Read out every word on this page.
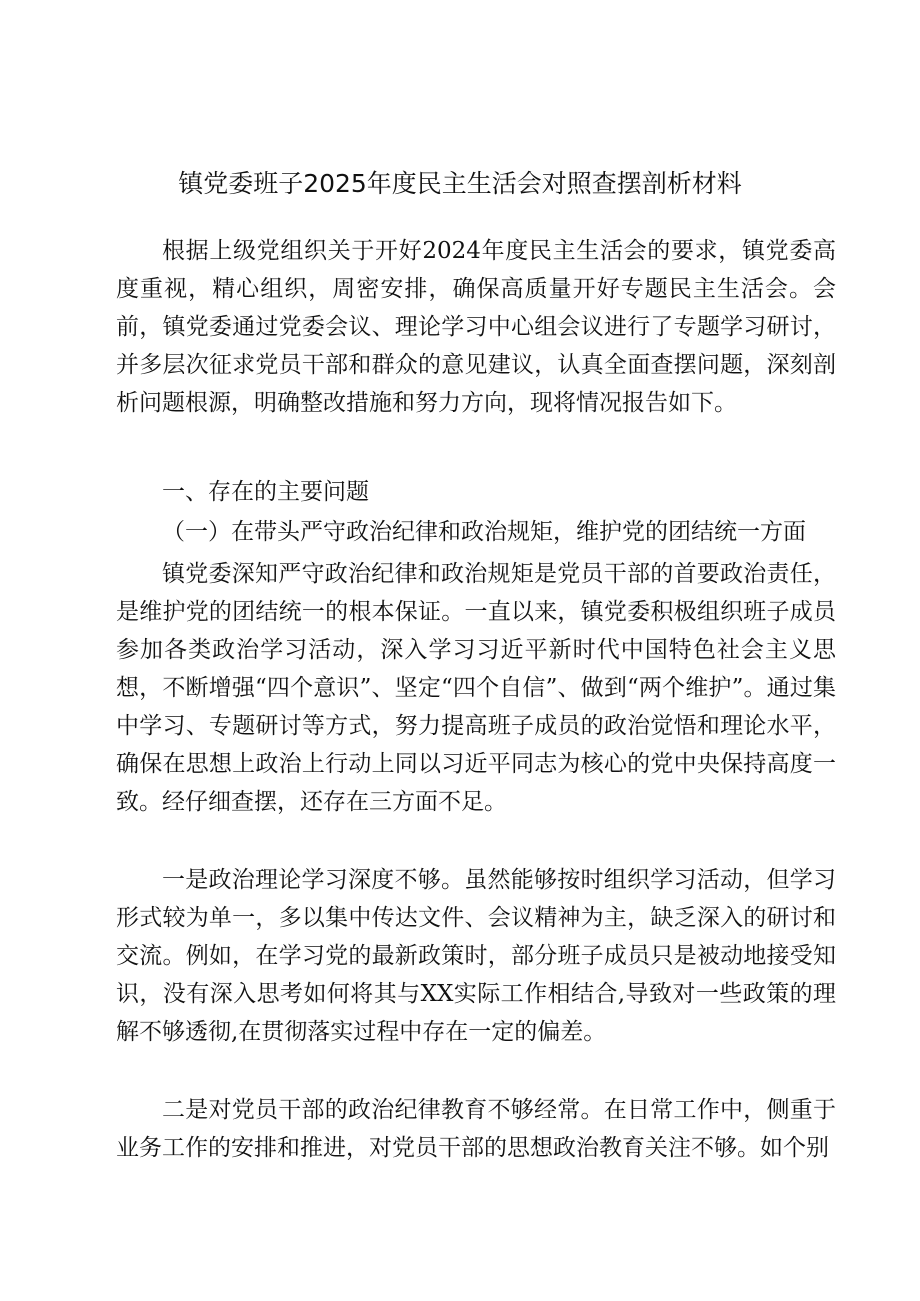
镇党委班子2025年度民主生活会对照查摆剖析材料

根据上级党组织关于开好2024年度民主生活会的要求，镇党委高度重视，精心组织，周密安排，确保高质量开好专题民主生活会。会前，镇党委通过党委会议、理论学习中心组会议进行了专题学习研讨，并多层次征求党员干部和群众的意见建议，认真全面查摆问题，深刻剖析问题根源，明确整改措施和努力方向，现将情况报告如下。

一、存在的主要问题

（一）在带头严守政治纪律和政治规矩，维护党的团结统一方面

镇党委深知严守政治纪律和政治规矩是党员干部的首要政治责任，是维护党的团结统一的根本保证。一直以来，镇党委积极组织班子成员参加各类政治学习活动，深入学习习近平新时代中国特色社会主义思想，不断增强“四个意识”、坚定“四个自信”、做到“两个维护”。通过集中学习、专题研讨等方式，努力提高班子成员的政治觉悟和理论水平，确保在思想上政治上行动上同以习近平同志为核心的党中央保持高度一致。经仔细查摆，还存在三方面不足。

一是政治理论学习深度不够。虽然能够按时组织学习活动，但学习形式较为单一，多以集中传达文件、会议精神为主，缺乏深入的研讨和交流。例如，在学习党的最新政策时，部分班子成员只是被动地接受知识，没有深入思考如何将其与XX实际工作相结合,导致对一些政策的理解不够透彻,在贯彻落实过程中存在一定的偏差。

二是对党员干部的政治纪律教育不够经常。在日常工作中，侧重于业务工作的安排和推进，对党员干部的思想政治教育关注不够。如个别
